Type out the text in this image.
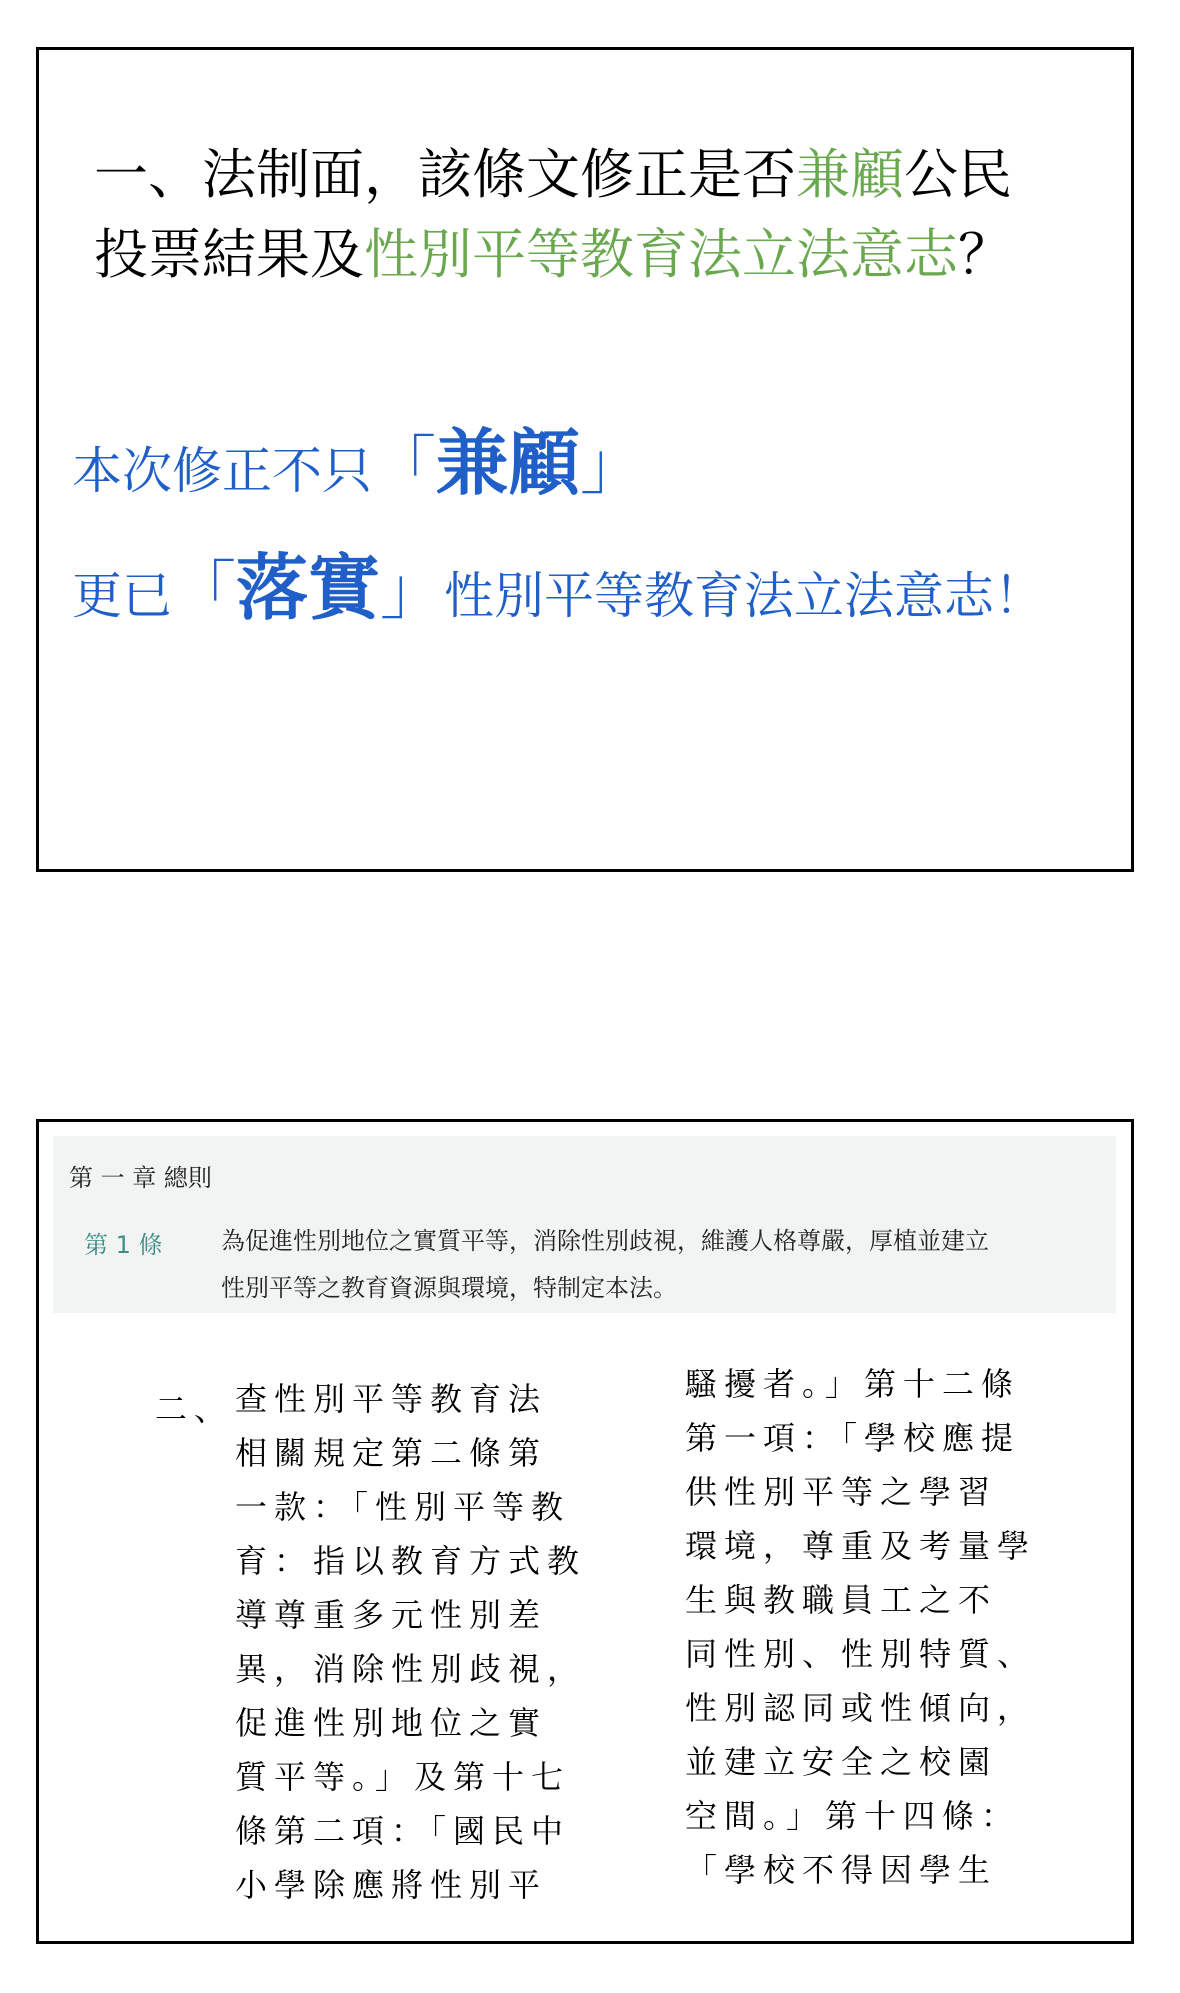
一、法制面，該條文修正是否兼顧公民
投票結果及性別平等教育法立法意志？
本次修正不只「兼顧」
更已「落實」性別平等教育法立法意志！
第 一 章 總則
第 1 條 為促進性別地位之實質平等，消除性別歧視，維護人格尊嚴，厚植並建立
性別平等之教育資源與環境，特制定本法。
二、 查性別平等教育法

相關規定第二條第

一款：「性別平等教

育：指以教育方式教

導尊重多元性別差

異，消除性別歧視，

促進性別地位之實

質平等。」及第十七

條第二項：「國民中

小學除應將性別平

騷擾者。」第十二條

第一項：「學校應提

供性別平等之學習

環境，尊重及考量學

生與教職員工之不

同性別、性別特質、

性別認同或性傾向，

並建立安全之校園

空間。」第十四條：

「學校不得因學生
